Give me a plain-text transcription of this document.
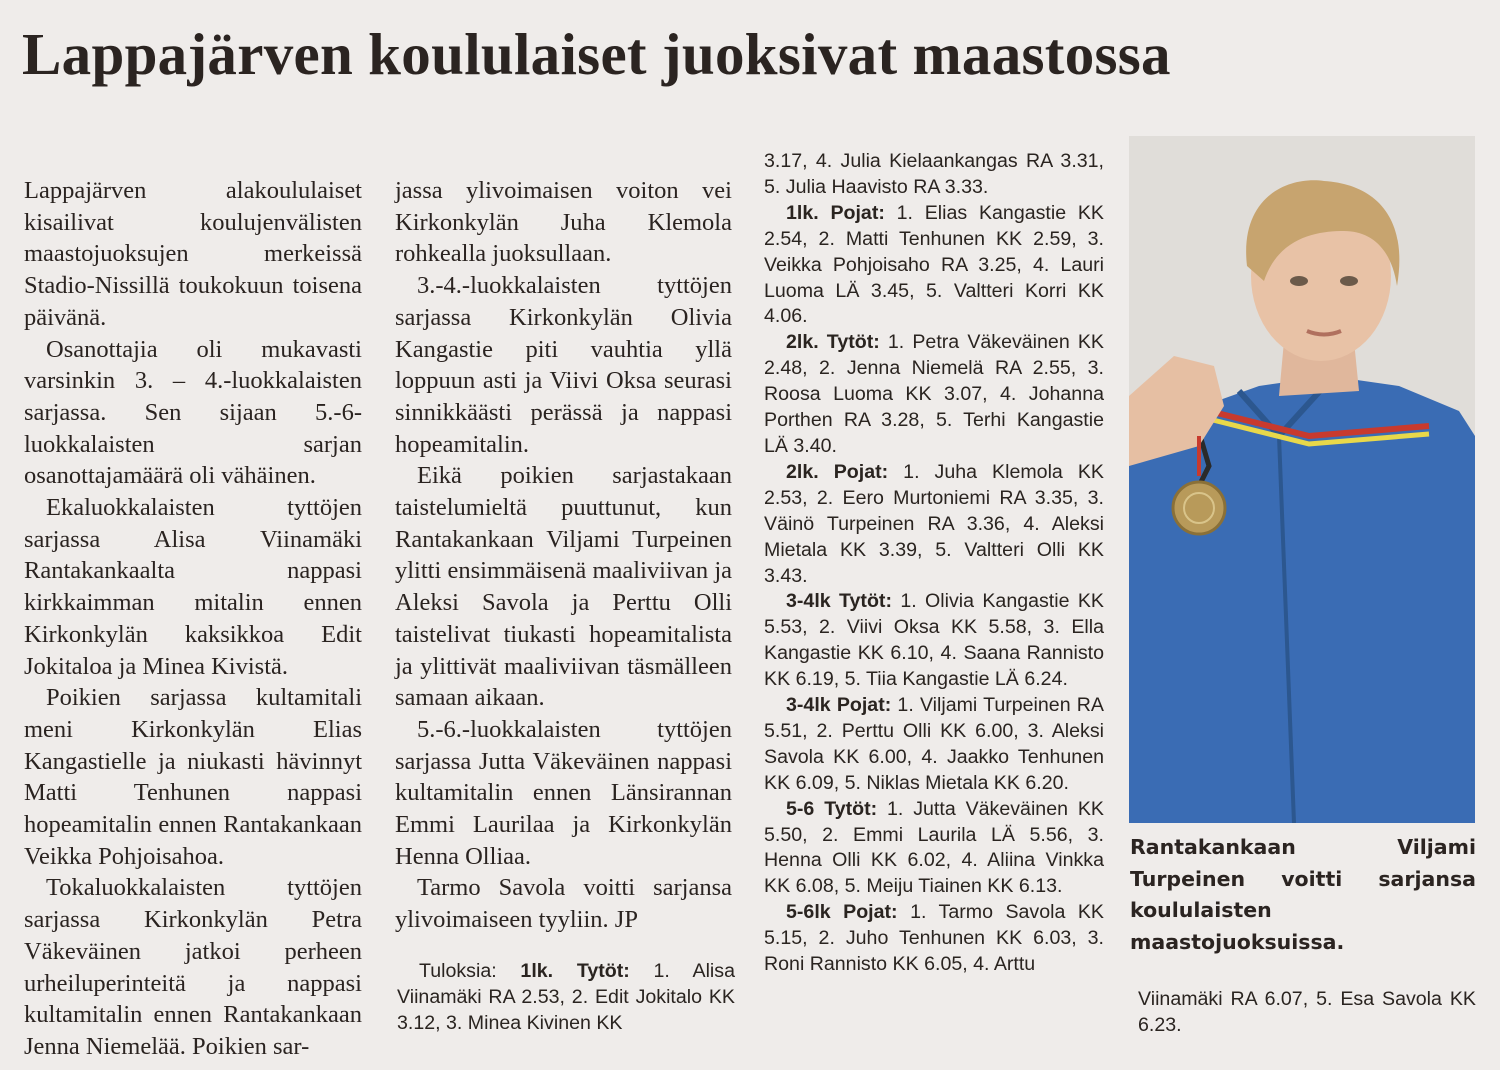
Lappajärven koululaiset juoksivat maastossa

Lappajärven alakoululaiset kisailivat koulujenvälisten maastojuoksujen merkeissä Stadio-Nissillä toukokuun toisena päivänä.

Osanottajia oli mukavasti varsinkin 3. – 4.-luokkalaisten sarjassa. Sen sijaan 5.-6-luokkalaisten sarjan osanottajamäärä oli vähäinen.

Ekaluokkalaisten tyttöjen sarjassa Alisa Viinamäki Rantakankaalta nappasi kirkkaimman mitalin ennen Kirkonkylän kaksikkoa Edit Jokitaloa ja Minea Kivistä.

Poikien sarjassa kultamitali meni Kirkonkylän Elias Kangastielle ja niukasti hävinnyt Matti Tenhunen nappasi hopeamitalin ennen Rantakankaan Veikka Pohjoisahoa.

Tokaluokkalaisten tyttöjen sarjassa Kirkonkylän Petra Väkeväinen jatkoi perheen urheiluperinteitä ja nappasi kultamitalin ennen Rantakankaan Jenna Niemelää. Poikien sar-

jassa ylivoimaisen voiton vei Kirkonkylän Juha Klemola rohkealla juoksullaan.

3.-4.-luokkalaisten tyttöjen sarjassa Kirkonkylän Olivia Kangastie piti vauhtia yllä loppuun asti ja Viivi Oksa seurasi sinnikkäästi perässä ja nappasi hopeamitalin.

Eikä poikien sarjastakaan taistelumieltä puuttunut, kun Rantakankaan Viljami Turpeinen ylitti ensimmäisenä maaliviivan ja Aleksi Savola ja Perttu Olli taistelivat tiukasti hopeamitalista ja ylittivät maaliviivan täsmälleen samaan aikaan.

5.-6.-luokkalaisten tyttöjen sarjassa Jutta Väkeväinen nappasi kultamitalin ennen Länsirannan Emmi Laurilaa ja Kirkonkylän Henna Olliaa.

Tarmo Savola voitti sarjansa ylivoimaiseen tyyliin. JP

Tuloksia: 1lk. Tytöt: 1. Alisa Viinamäki RA 2.53, 2. Edit Jokitalo KK 3.12, 3. Minea Kivinen KK

3.17, 4. Julia Kielaankangas RA 3.31, 5. Julia Haavisto RA 3.33.

1lk. Pojat: 1. Elias Kangastie KK 2.54, 2. Matti Tenhunen KK 2.59, 3. Veikka Pohjoisaho RA 3.25, 4. Lauri Luoma LÄ 3.45, 5. Valtteri Korri KK 4.06.

2lk. Tytöt: 1. Petra Väkeväinen KK 2.48, 2. Jenna Niemelä RA 2.55, 3. Roosa Luoma KK 3.07, 4. Johanna Porthen RA 3.28, 5. Terhi Kangastie LÄ 3.40.

2lk. Pojat: 1. Juha Klemola KK 2.53, 2. Eero Murtoniemi RA 3.35, 3. Väinö Turpeinen RA 3.36, 4. Aleksi Mietala KK 3.39, 5. Valtteri Olli KK 3.43.

3-4lk Tytöt: 1. Olivia Kangastie KK 5.53, 2. Viivi Oksa KK 5.58, 3. Ella Kangastie KK 6.10, 4. Saana Rannisto KK 6.19, 5. Tiia Kangastie LÄ 6.24.

3-4lk Pojat: 1. Viljami Turpeinen RA 5.51, 2. Perttu Olli KK 6.00, 3. Aleksi Savola KK 6.00, 4. Jaakko Tenhunen KK 6.09, 5. Niklas Mietala KK 6.20.

5-6 Tytöt: 1. Jutta Väkeväinen KK 5.50, 2. Emmi Laurila LÄ 5.56, 3. Henna Olli KK 6.02, 4. Aliina Vinkka KK 6.08, 5. Meiju Tiainen KK 6.13.

5-6lk Pojat: 1. Tarmo Savola KK 5.15, 2. Juho Tenhunen KK 6.03, 3. Roni Rannisto KK 6.05, 4. Arttu

Rantakankaan Viljami Turpeinen voitti sarjansa koululaisten maastojuoksuissa.

Viinamäki RA 6.07, 5. Esa Savola KK 6.23.
